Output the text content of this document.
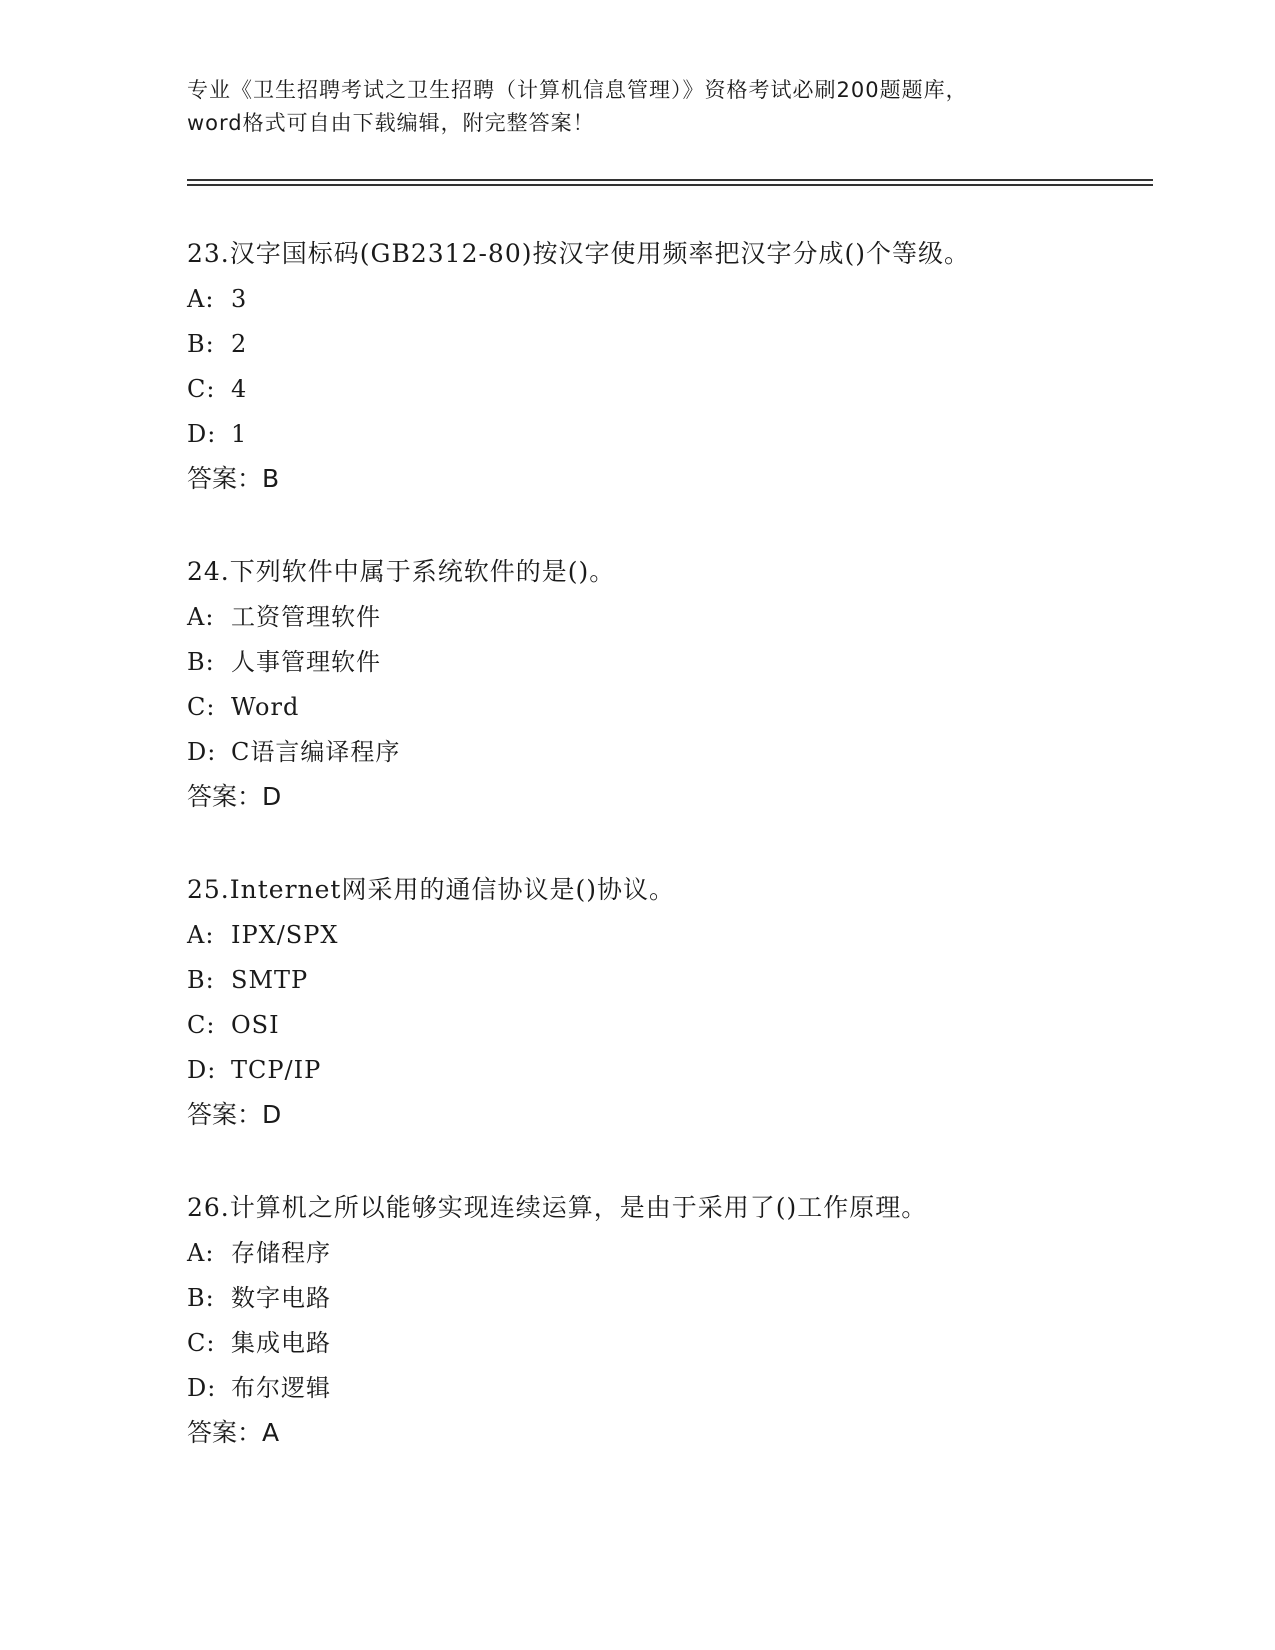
专业《卫生招聘考试之卫生招聘（计算机信息管理）》资格考试必刷200题题库，
word格式可自由下载编辑，附完整答案！
23.汉字国标码(GB2312-80)按汉字使用频率把汉字分成()个等级。
A: 3
B: 2
C: 4
D: 1
答案：B
24.下列软件中属于系统软件的是()。
A: 工资管理软件
B: 人事管理软件
C: Word
D: C语言编译程序
答案：D
25.Internet网采用的通信协议是()协议。
A: IPX/SPX
B: SMTP
C: OSI
D: TCP/IP
答案：D
26.计算机之所以能够实现连续运算，是由于采用了()工作原理。
A: 存储程序
B: 数字电路
C: 集成电路
D: 布尔逻辑
答案：A
